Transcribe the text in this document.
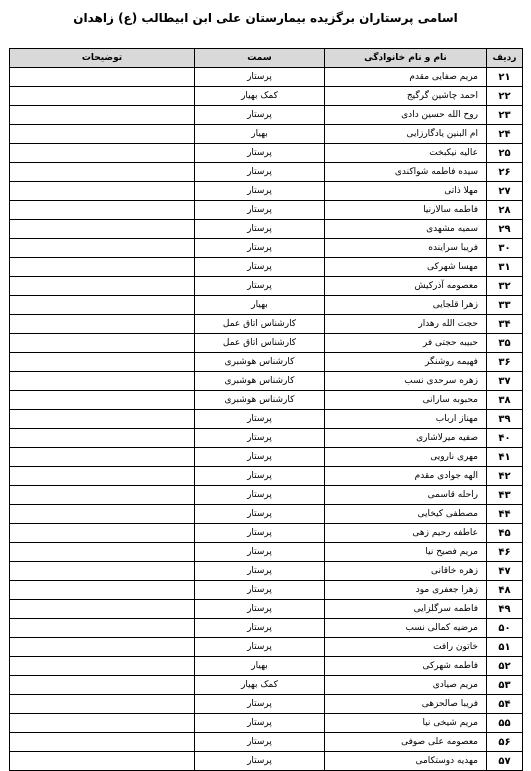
اسامی پرستاران برگزیده بیمارستان علی ابن ابیطالب (ع) زاهدان
ردیف	نام و نام خانوادگی	سمت	توضیحات
۲۱	مریم صفایی مقدم	پرستار	
۲۲	احمد چاشین گرگیج	کمک بهیار	
۲۳	روح الله حسین دادی	پرستار	
۲۴	ام البنین یادگارزایی	بهیار	
۲۵	عالیه نیکبخت	پرستار	
۲۶	سیده فاطمه شواکندی	پرستار	
۲۷	مهلا ذاتی	پرستار	
۲۸	فاطمه سالارنیا	پرستار	
۲۹	سمیه مشهدی	پرستار	
۳۰	فریبا سراینده	پرستار	
۳۱	مهسا شهرکی	پرستار	
۳۲	معصومه آذرکیش	پرستار	
۳۳	زهرا قلجایی	بهیار	
۳۴	حجت الله رهدار	کارشناس اتاق عمل	
۳۵	حبیبه حجتی فر	کارشناس اتاق عمل	
۳۶	فهیمه روشنگر	کارشناس هوشبری	
۳۷	زهره سرحدی نسب	کارشناس هوشبری	
۳۸	محبوبه سارانی	کارشناس هوشبری	
۳۹	مهناز ارباب	پرستار	
۴۰	صفیه میرلاشاری	پرستار	
۴۱	مهری نارویی	پرستار	
۴۲	الهه جوادی مقدم	پرستار	
۴۳	راحله قاسمی	پرستار	
۴۴	مصطفی کیخایی	پرستار	
۴۵	عاطفه رحیم زهی	پرستار	
۴۶	مریم فصیح نیا	پرستار	
۴۷	زهره خاقانی	پرستار	
۴۸	زهرا جعفری مود	پرستار	
۴۹	فاطمه سرگلزایی	پرستار	
۵۰	مرضیه کمالی نسب	پرستار	
۵۱	خاتون رافت	پرستار	
۵۲	فاطمه شهرکی	بهیار	
۵۳	مریم صیادی	کمک بهیار	
۵۴	فریبا صالحزهی	پرستار	
۵۵	مریم شیخی نیا	پرستار	
۵۶	معصومه علی صوفی	پرستار	
۵۷	مهدیه دوستکامی	پرستار	
